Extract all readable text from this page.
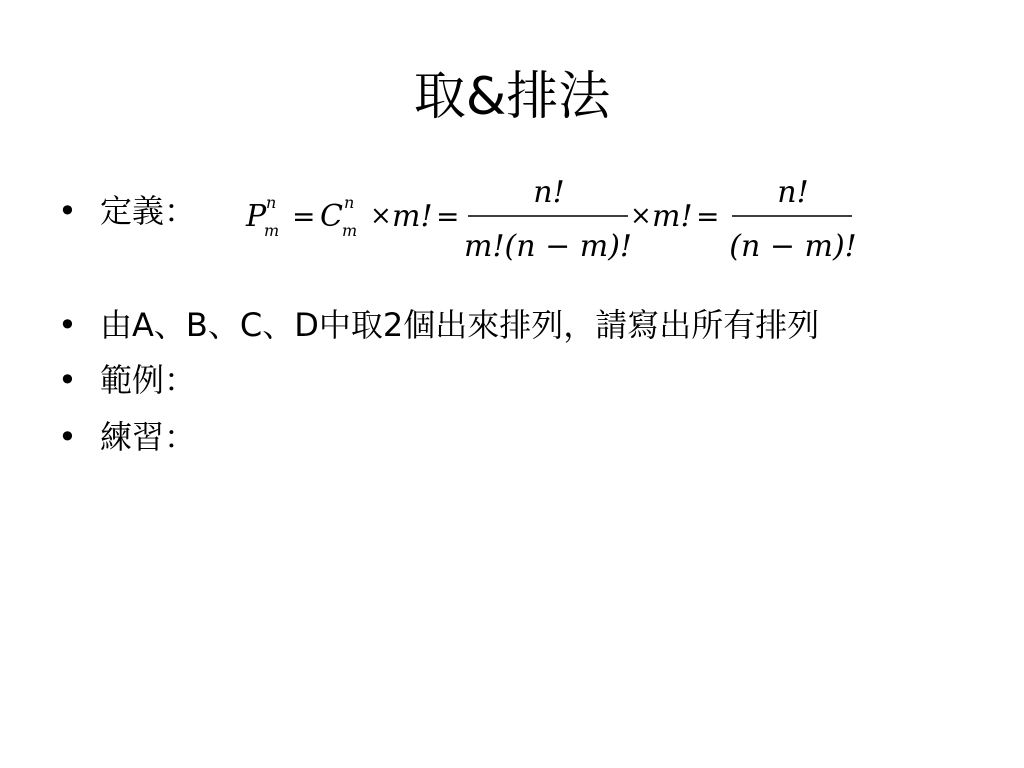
取&排法
• 定義： P n
m = C n
m × m! =
n!
m!(n − m)!
× m! =
n!
(n − m)!
• 由A、B、C、D中取2個出來排列，請寫出所有排列
• 範例：
• 練習：
